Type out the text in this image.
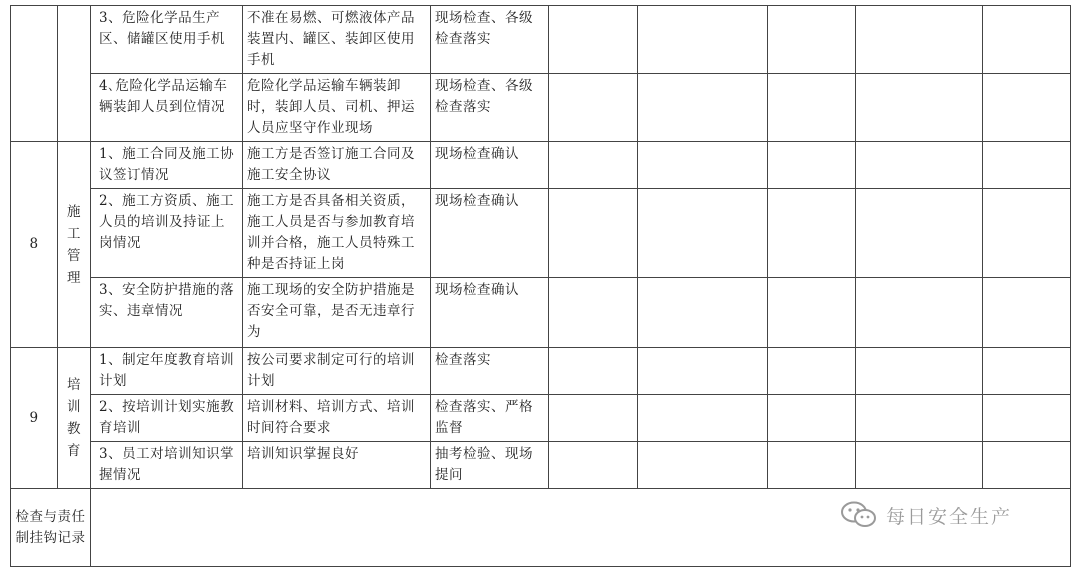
		3、危险化学品生产区、储罐区使用手机	不准在易燃、可燃液体产品装置内、罐区、装卸区使用手机	现场检查、各级检查落实					
		4､危险化学品运输车辆装卸人员到位情况	危险化学品运输车辆装卸时，装卸人员、司机、押运人员应坚守作业现场	现场检查、各级检查落实					
8	施工管理	1、施工合同及施工协议签订情况	施工方是否签订施工合同及施工安全协议	现场检查确认					
		2、施工方资质、施工人员的培训及持证上岗情况	施工方是否具备相关资质，施工人员是否与参加教育培训并合格，施工人员特殊工种是否持证上岗	现场检查确认					
		3、安全防护措施的落实、违章情况	施工现场的安全防护措施是否安全可靠，是否无违章行为	现场检查确认					
9	培训教育	1、制定年度教育培训计划	按公司要求制定可行的培训计划	检查落实					
		2、按培训计划实施教育培训	培训材料、培训方式、培训时间符合要求	检查落实、严格监督					
		3、员工对培训知识掌握情况	培训知识掌握良好	抽考检验、现场提问					
检查与责任制挂钩记录									
每日安全生产
